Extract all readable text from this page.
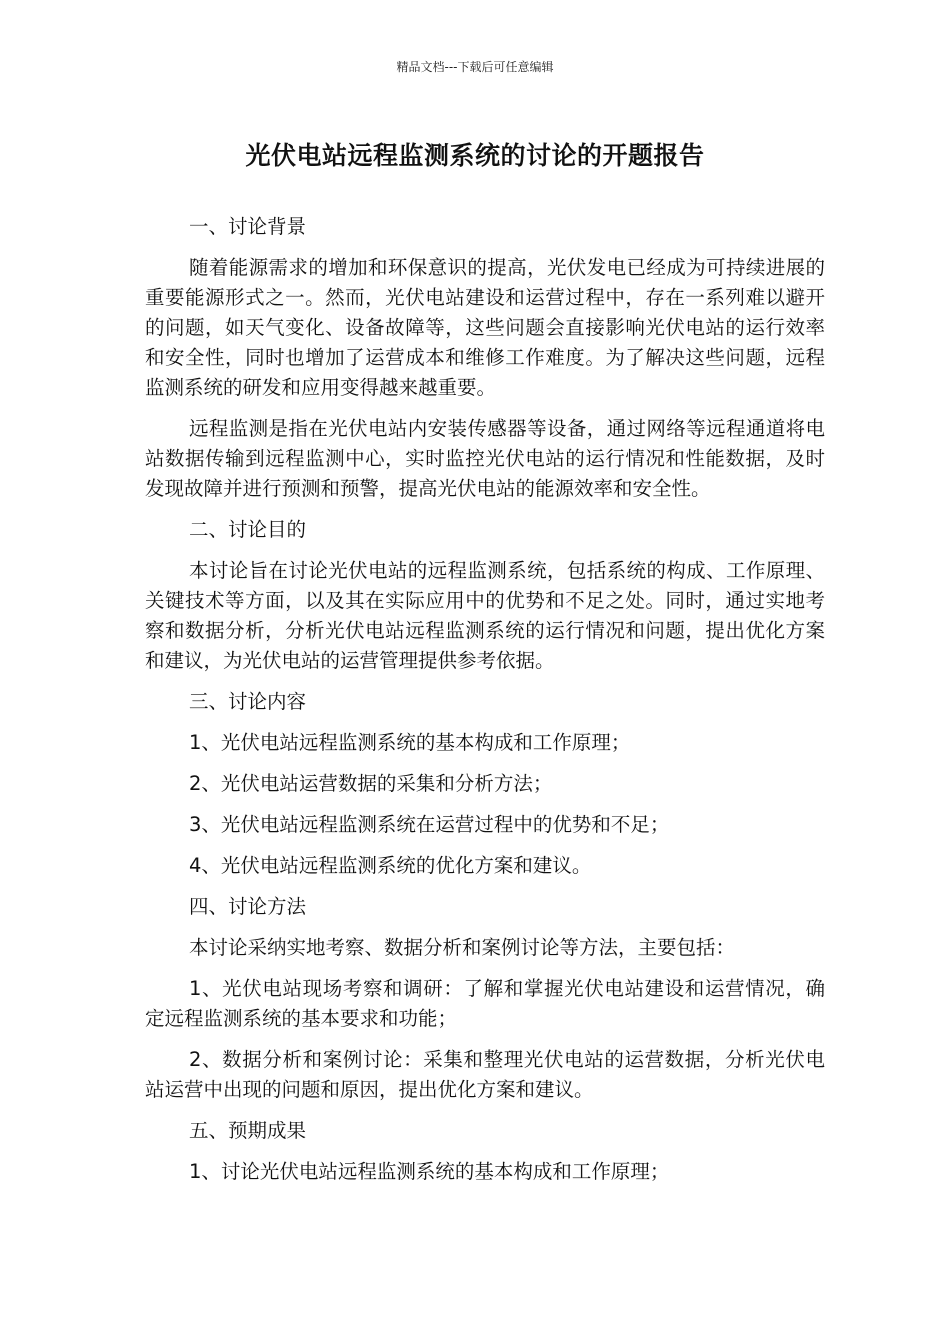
精品文档---下载后可任意编辑
光伏电站远程监测系统的讨论的开题报告

一、讨论背景

随着能源需求的增加和环保意识的提高，光伏发电已经成为可持续进展的重要能源形式之一。然而，光伏电站建设和运营过程中，存在一系列难以避开的问题，如天气变化、设备故障等，这些问题会直接影响光伏电站的运行效率和安全性，同时也增加了运营成本和维修工作难度。为了解决这些问题，远程监测系统的研发和应用变得越来越重要。

远程监测是指在光伏电站内安装传感器等设备，通过网络等远程通道将电站数据传输到远程监测中心，实时监控光伏电站的运行情况和性能数据，及时发现故障并进行预测和预警，提高光伏电站的能源效率和安全性。

二、讨论目的

本讨论旨在讨论光伏电站的远程监测系统，包括系统的构成、工作原理、关键技术等方面，以及其在实际应用中的优势和不足之处。同时，通过实地考察和数据分析，分析光伏电站远程监测系统的运行情况和问题，提出优化方案和建议，为光伏电站的运营管理提供参考依据。

三、讨论内容

1、光伏电站远程监测系统的基本构成和工作原理；

2、光伏电站运营数据的采集和分析方法；

3、光伏电站远程监测系统在运营过程中的优势和不足；

4、光伏电站远程监测系统的优化方案和建议。

四、讨论方法

本讨论采纳实地考察、数据分析和案例讨论等方法，主要包括：

1、光伏电站现场考察和调研：了解和掌握光伏电站建设和运营情况，确定远程监测系统的基本要求和功能；

2、数据分析和案例讨论：采集和整理光伏电站的运营数据，分析光伏电站运营中出现的问题和原因，提出优化方案和建议。

五、预期成果

1、讨论光伏电站远程监测系统的基本构成和工作原理；
